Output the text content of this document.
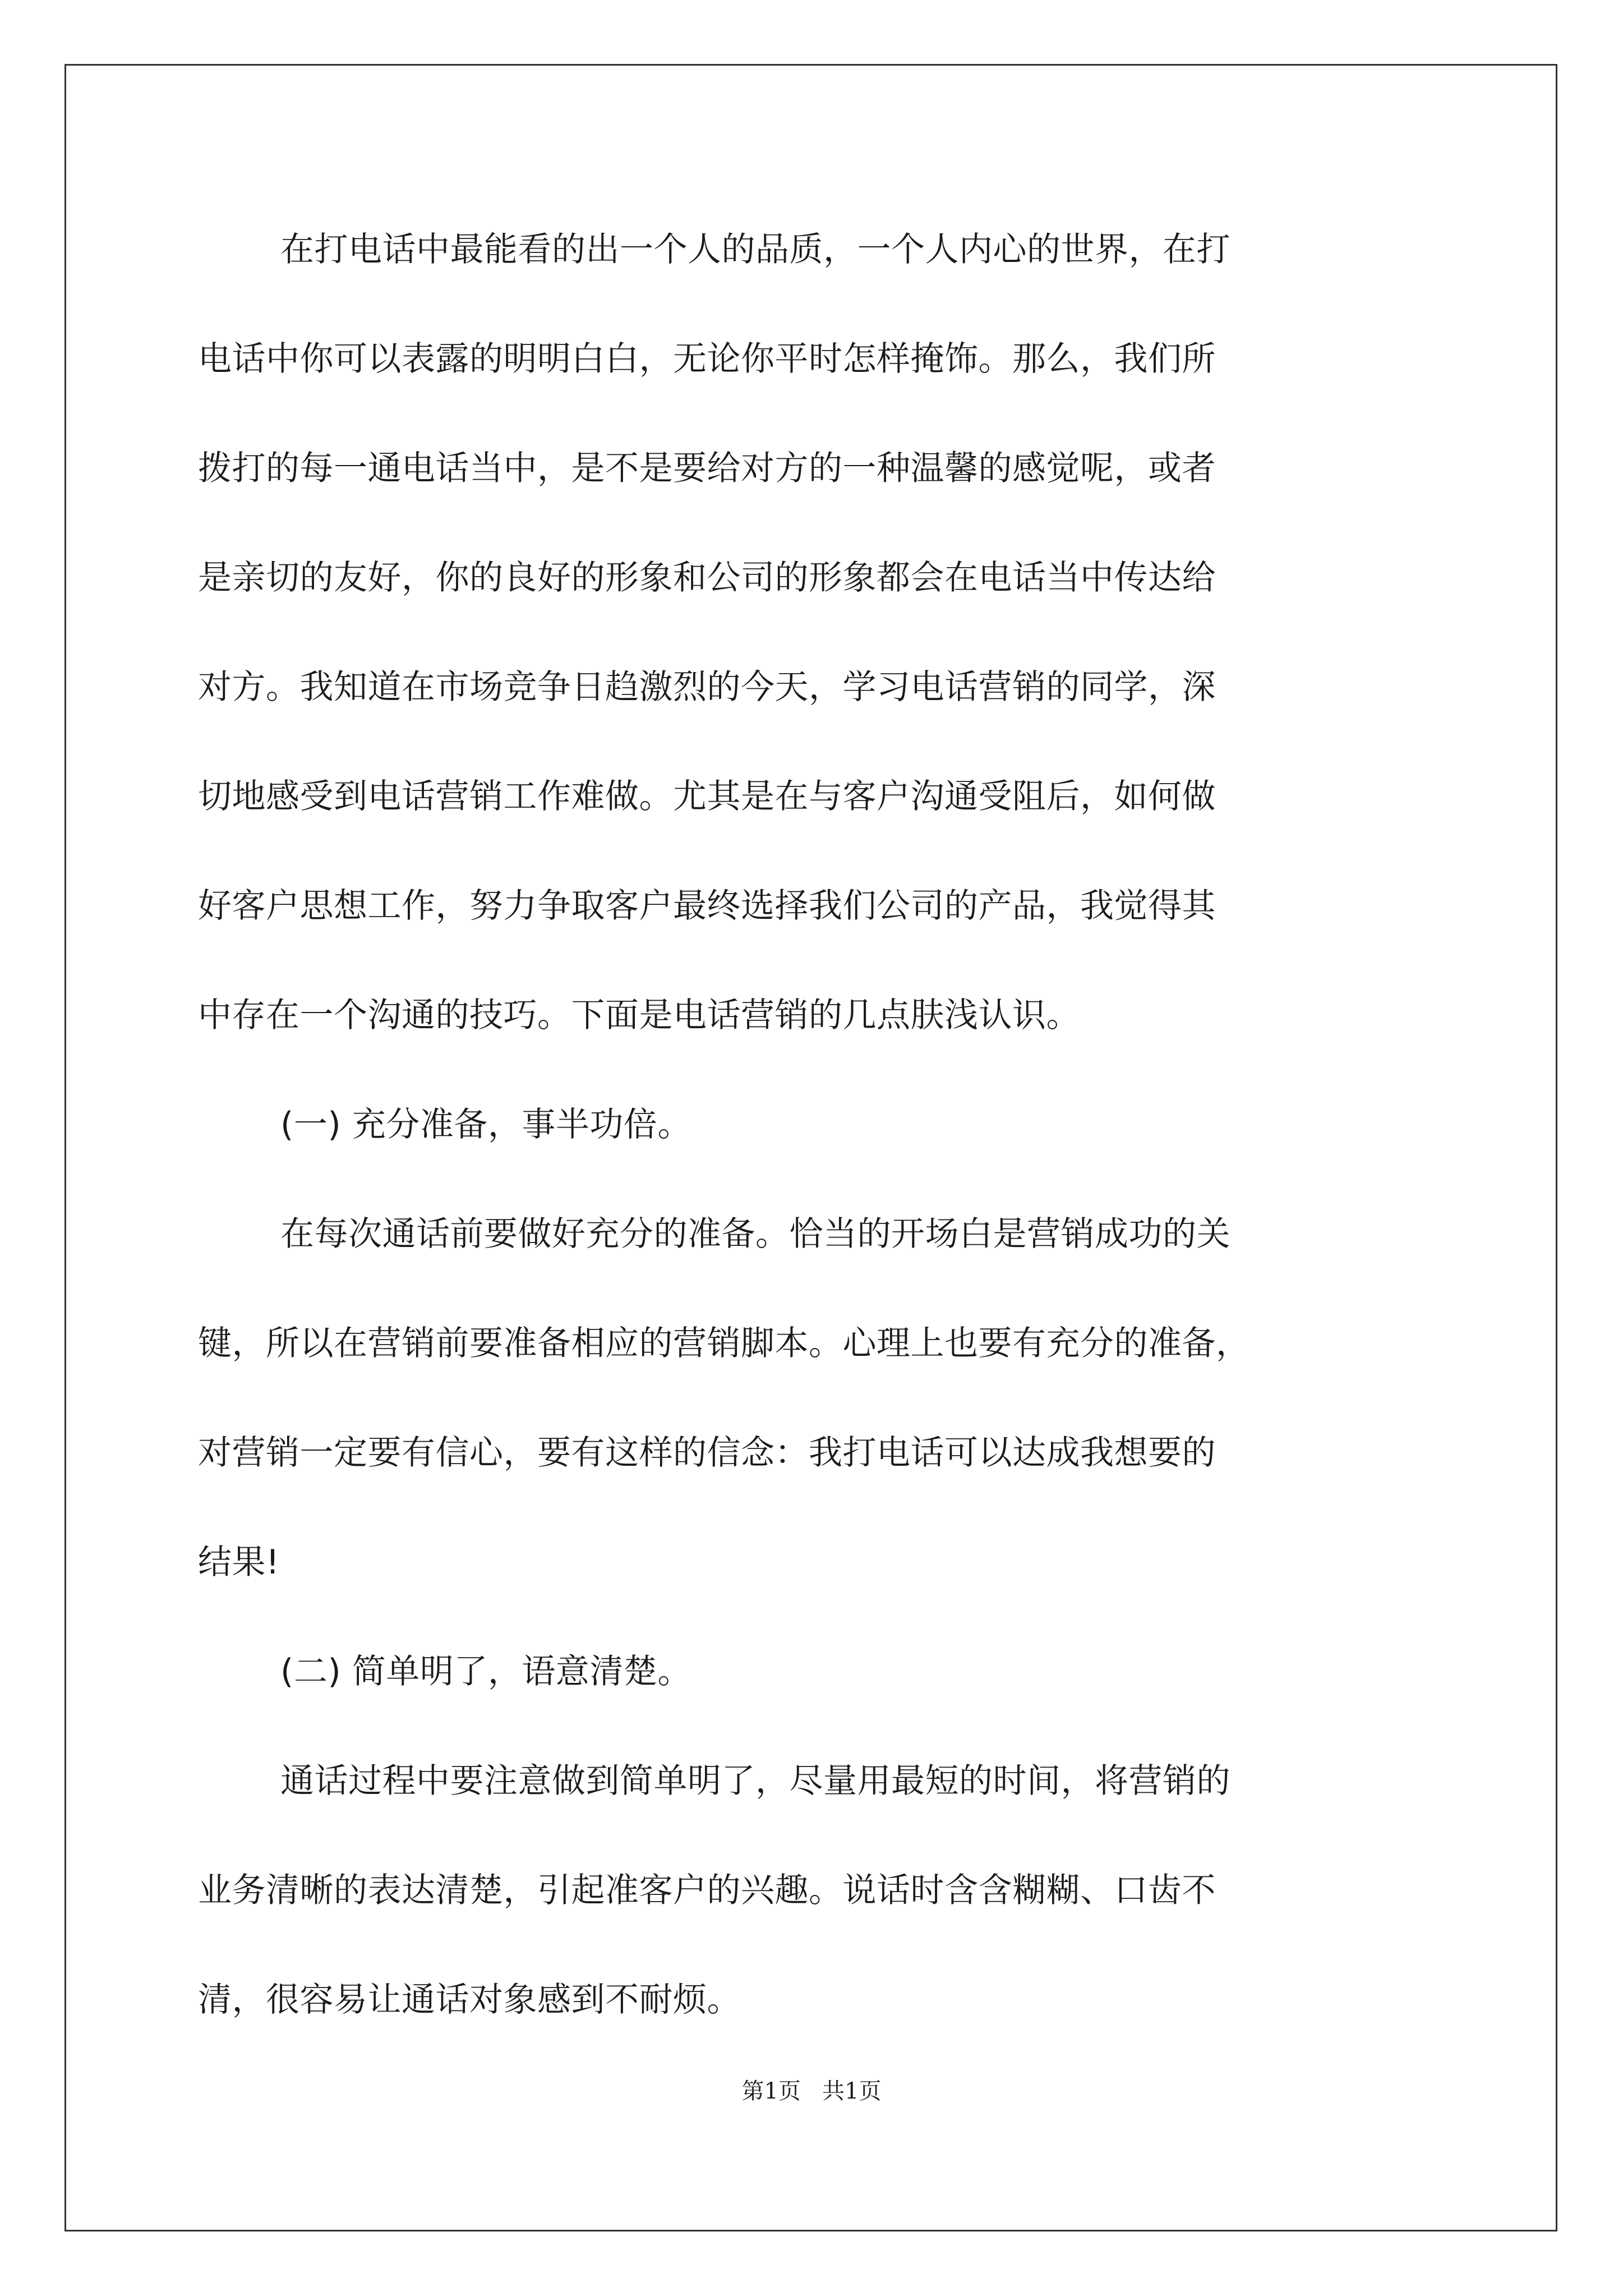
在打电话中最能看的出一个人的品质，一个人内心的世界，在打
电话中你可以表露的明明白白，无论你平时怎样掩饰。那么，我们所
拨打的每一通电话当中，是不是要给对方的一种温馨的感觉呢，或者
是亲切的友好，你的良好的形象和公司的形象都会在电话当中传达给
对方。我知道在市场竞争日趋激烈的今天，学习电话营销的同学，深
切地感受到电话营销工作难做。尤其是在与客户沟通受阻后，如何做
好客户思想工作，努力争取客户最终选择我们公司的产品，我觉得其
中存在一个沟通的技巧。下面是电话营销的几点肤浅认识。
(一) 充分准备，事半功倍。
在每次通话前要做好充分的准备。恰当的开场白是营销成功的关
键，所以在营销前要准备相应的营销脚本。心理上也要有充分的准备，
对营销一定要有信心，要有这样的信念：我打电话可以达成我想要的
结果!
(二) 简单明了，语意清楚。
通话过程中要注意做到简单明了，尽量用最短的时间，将营销的
业务清晰的表达清楚，引起准客户的兴趣。说话时含含糊糊、口齿不
清，很容易让通话对象感到不耐烦。
第1页   共1页
